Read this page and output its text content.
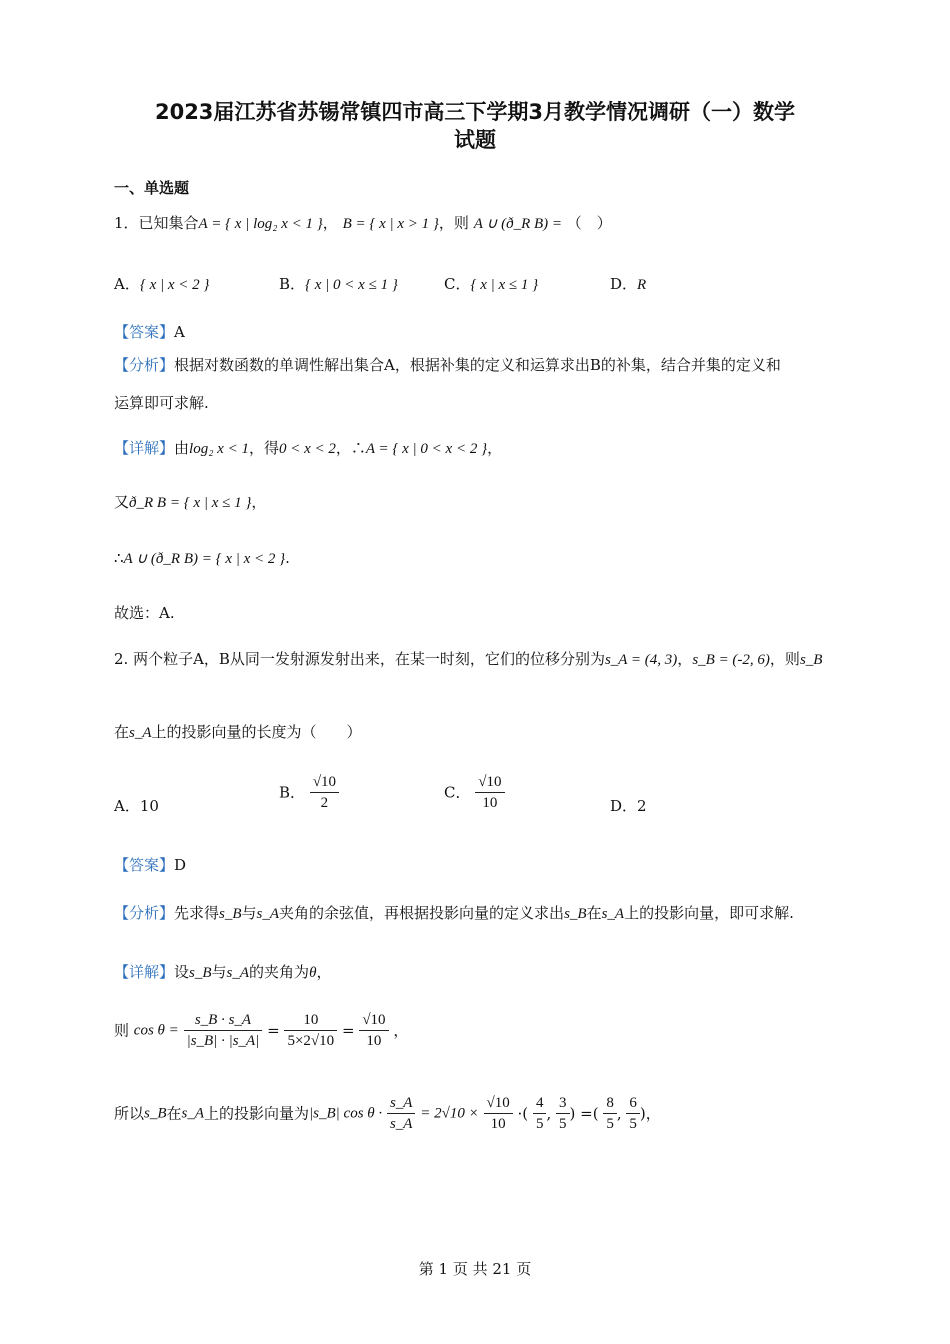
2023届江苏省苏锡常镇四市高三下学期3月教学情况调研（一）数学
试题
一、单选题
1．已知集合A = { x | log₂ x < 1 }， B = { x | x > 1 }，则 A ∪ (ð_R B) = （　）
A．{ x | x < 2 }	B．{ x | 0 < x ≤ 1 }	C．{ x | x ≤ 1 }	D．R
【答案】A
【分析】根据对数函数的单调性解出集合A，根据补集的定义和运算求出B的补集，结合并集的定义和
运算即可求解.
【详解】由log₂ x < 1，得0 < x < 2，∴A = { x | 0 < x < 2 }，
又ð_R B = { x | x ≤ 1 }，
∴A ∪ (ð_R B) = { x | x < 2 }.
故选：A.
2. 两个粒子A，B从同一发射源发射出来，在某一时刻，它们的位移分别为s_A = (4, 3)，s_B = (-2, 6)，则s_B
在s_A上的投影向量的长度为（　　）
A．10
B． $\frac{√10}{2}$	C． $\frac{√10}{10}$	D．2
【答案】D
【分析】先求得s_B与s_A夹角的余弦值，再根据投影向量的定义求出s_B在s_A上的投影向量，即可求解.
【详解】设s_B与s_A的夹角为θ，
则 $\cos \theta = \frac{s\_B \cdot s\_A}{|s\_B| \cdot |s\_A|} = \frac{10}{5\times 2√10} = \frac{√10}{10}$ ，
所以s_B在s_A上的投影向量为|s_B| $\cos \theta \cdot \frac{s\_A}{s\_A} = 2√10 \times \frac{√10}{10}$ ·( $\frac{4}{5}$ , $\frac{3}{5}$ ) =( $\frac{8}{5}$ , $\frac{6}{5}$ )，
第 1 页 共 21 页
